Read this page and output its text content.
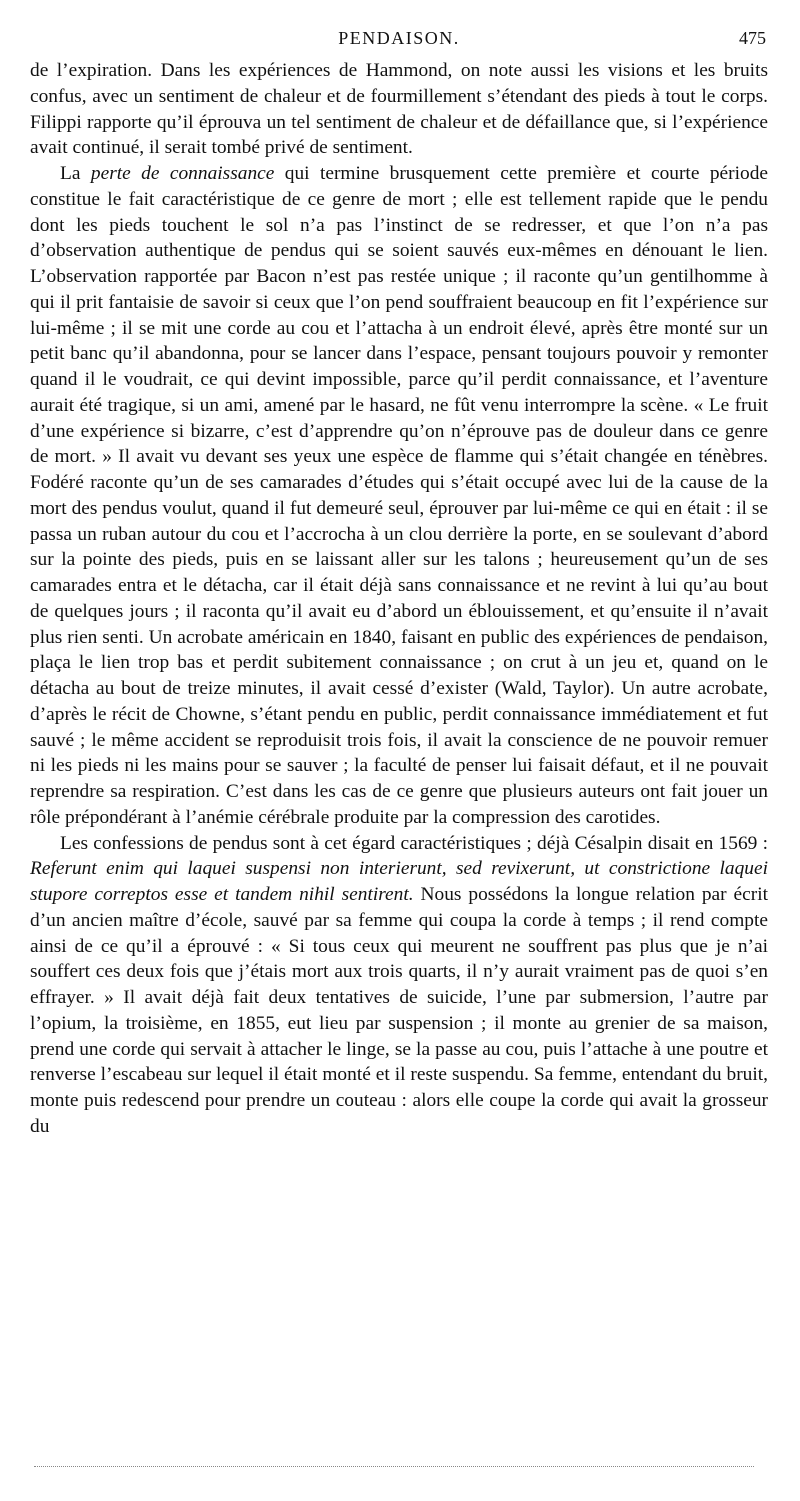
PENDAISON.	475

de l’expiration. Dans les expériences de Hammond, on note aussi les visions et les bruits confus, avec un sentiment de chaleur et de fourmillement s’étendant des pieds à tout le corps. Filippi rapporte qu’il éprouva un tel sentiment de chaleur et de défaillance que, si l’expérience avait continué, il serait tombé privé de sentiment.

La perte de connaissance qui termine brusquement cette première et courte période constitue le fait caractéristique de ce genre de mort ; elle est tellement rapide que le pendu dont les pieds touchent le sol n’a pas l’instinct de se redresser, et que l’on n’a pas d’observation authentique de pendus qui se soient sauvés eux-mêmes en dénouant le lien. L’observation rapportée par Bacon n’est pas restée unique ; il raconte qu’un gentilhomme à qui il prit fantaisie de savoir si ceux que l’on pend souffraient beaucoup en fit l’expérience sur lui-même ; il se mit une corde au cou et l’attacha à un endroit élevé, après être monté sur un petit banc qu’il abandonna, pour se lancer dans l’espace, pensant toujours pouvoir y remonter quand il le voudrait, ce qui devint impossible, parce qu’il perdit connaissance, et l’aventure aurait été tragique, si un ami, amené par le hasard, ne fût venu interrompre la scène. « Le fruit d’une expérience si bizarre, c’est d’apprendre qu’on n’éprouve pas de douleur dans ce genre de mort. » Il avait vu devant ses yeux une espèce de flamme qui s’était changée en ténèbres. Fodéré raconte qu’un de ses camarades d’études qui s’était occupé avec lui de la cause de la mort des pendus voulut, quand il fut demeuré seul, éprouver par lui-même ce qui en était : il se passa un ruban autour du cou et l’accrocha à un clou derrière la porte, en se soulevant d’abord sur la pointe des pieds, puis en se laissant aller sur les talons ; heureusement qu’un de ses camarades entra et le détacha, car il était déjà sans connaissance et ne revint à lui qu’au bout de quelques jours ; il raconta qu’il avait eu d’abord un éblouissement, et qu’ensuite il n’avait plus rien senti. Un acrobate américain en 1840, faisant en public des expériences de pendaison, plaça le lien trop bas et perdit subitement connaissance ; on crut à un jeu et, quand on le détacha au bout de treize minutes, il avait cessé d’exister (Wald, Taylor). Un autre acrobate, d’après le récit de Chowne, s’étant pendu en public, perdit connaissance immédiatement et fut sauvé ; le même accident se reproduisit trois fois, il avait la conscience de ne pouvoir remuer ni les pieds ni les mains pour se sauver ; la faculté de penser lui faisait défaut, et il ne pouvait reprendre sa respiration. C’est dans les cas de ce genre que plusieurs auteurs ont fait jouer un rôle prépondérant à l’anémie cérébrale produite par la compression des carotides.

Les confessions de pendus sont à cet égard caractéristiques ; déjà Césalpin disait en 1569 : Referunt enim qui laquei suspensi non interierunt, sed revixerunt, ut constrictione laquei stupore correptos esse et tandem nihil sentirent. Nous possédons la longue relation par écrit d’un ancien maître d’école, sauvé par sa femme qui coupa la corde à temps ; il rend compte ainsi de ce qu’il a éprouvé : « Si tous ceux qui meurent ne souffrent pas plus que je n’ai souffert ces deux fois que j’étais mort aux trois quarts, il n’y aurait vraiment pas de quoi s’en effrayer. » Il avait déjà fait deux tentatives de suicide, l’une par submersion, l’autre par l’opium, la troisième, en 1855, eut lieu par suspension ; il monte au grenier de sa maison, prend une corde qui servait à attacher le linge, se la passe au cou, puis l’attache à une poutre et renverse l’escabeau sur lequel il était monté et il reste suspendu. Sa femme, entendant du bruit, monte puis redescend pour prendre un couteau : alors elle coupe la corde qui avait la grosseur du
